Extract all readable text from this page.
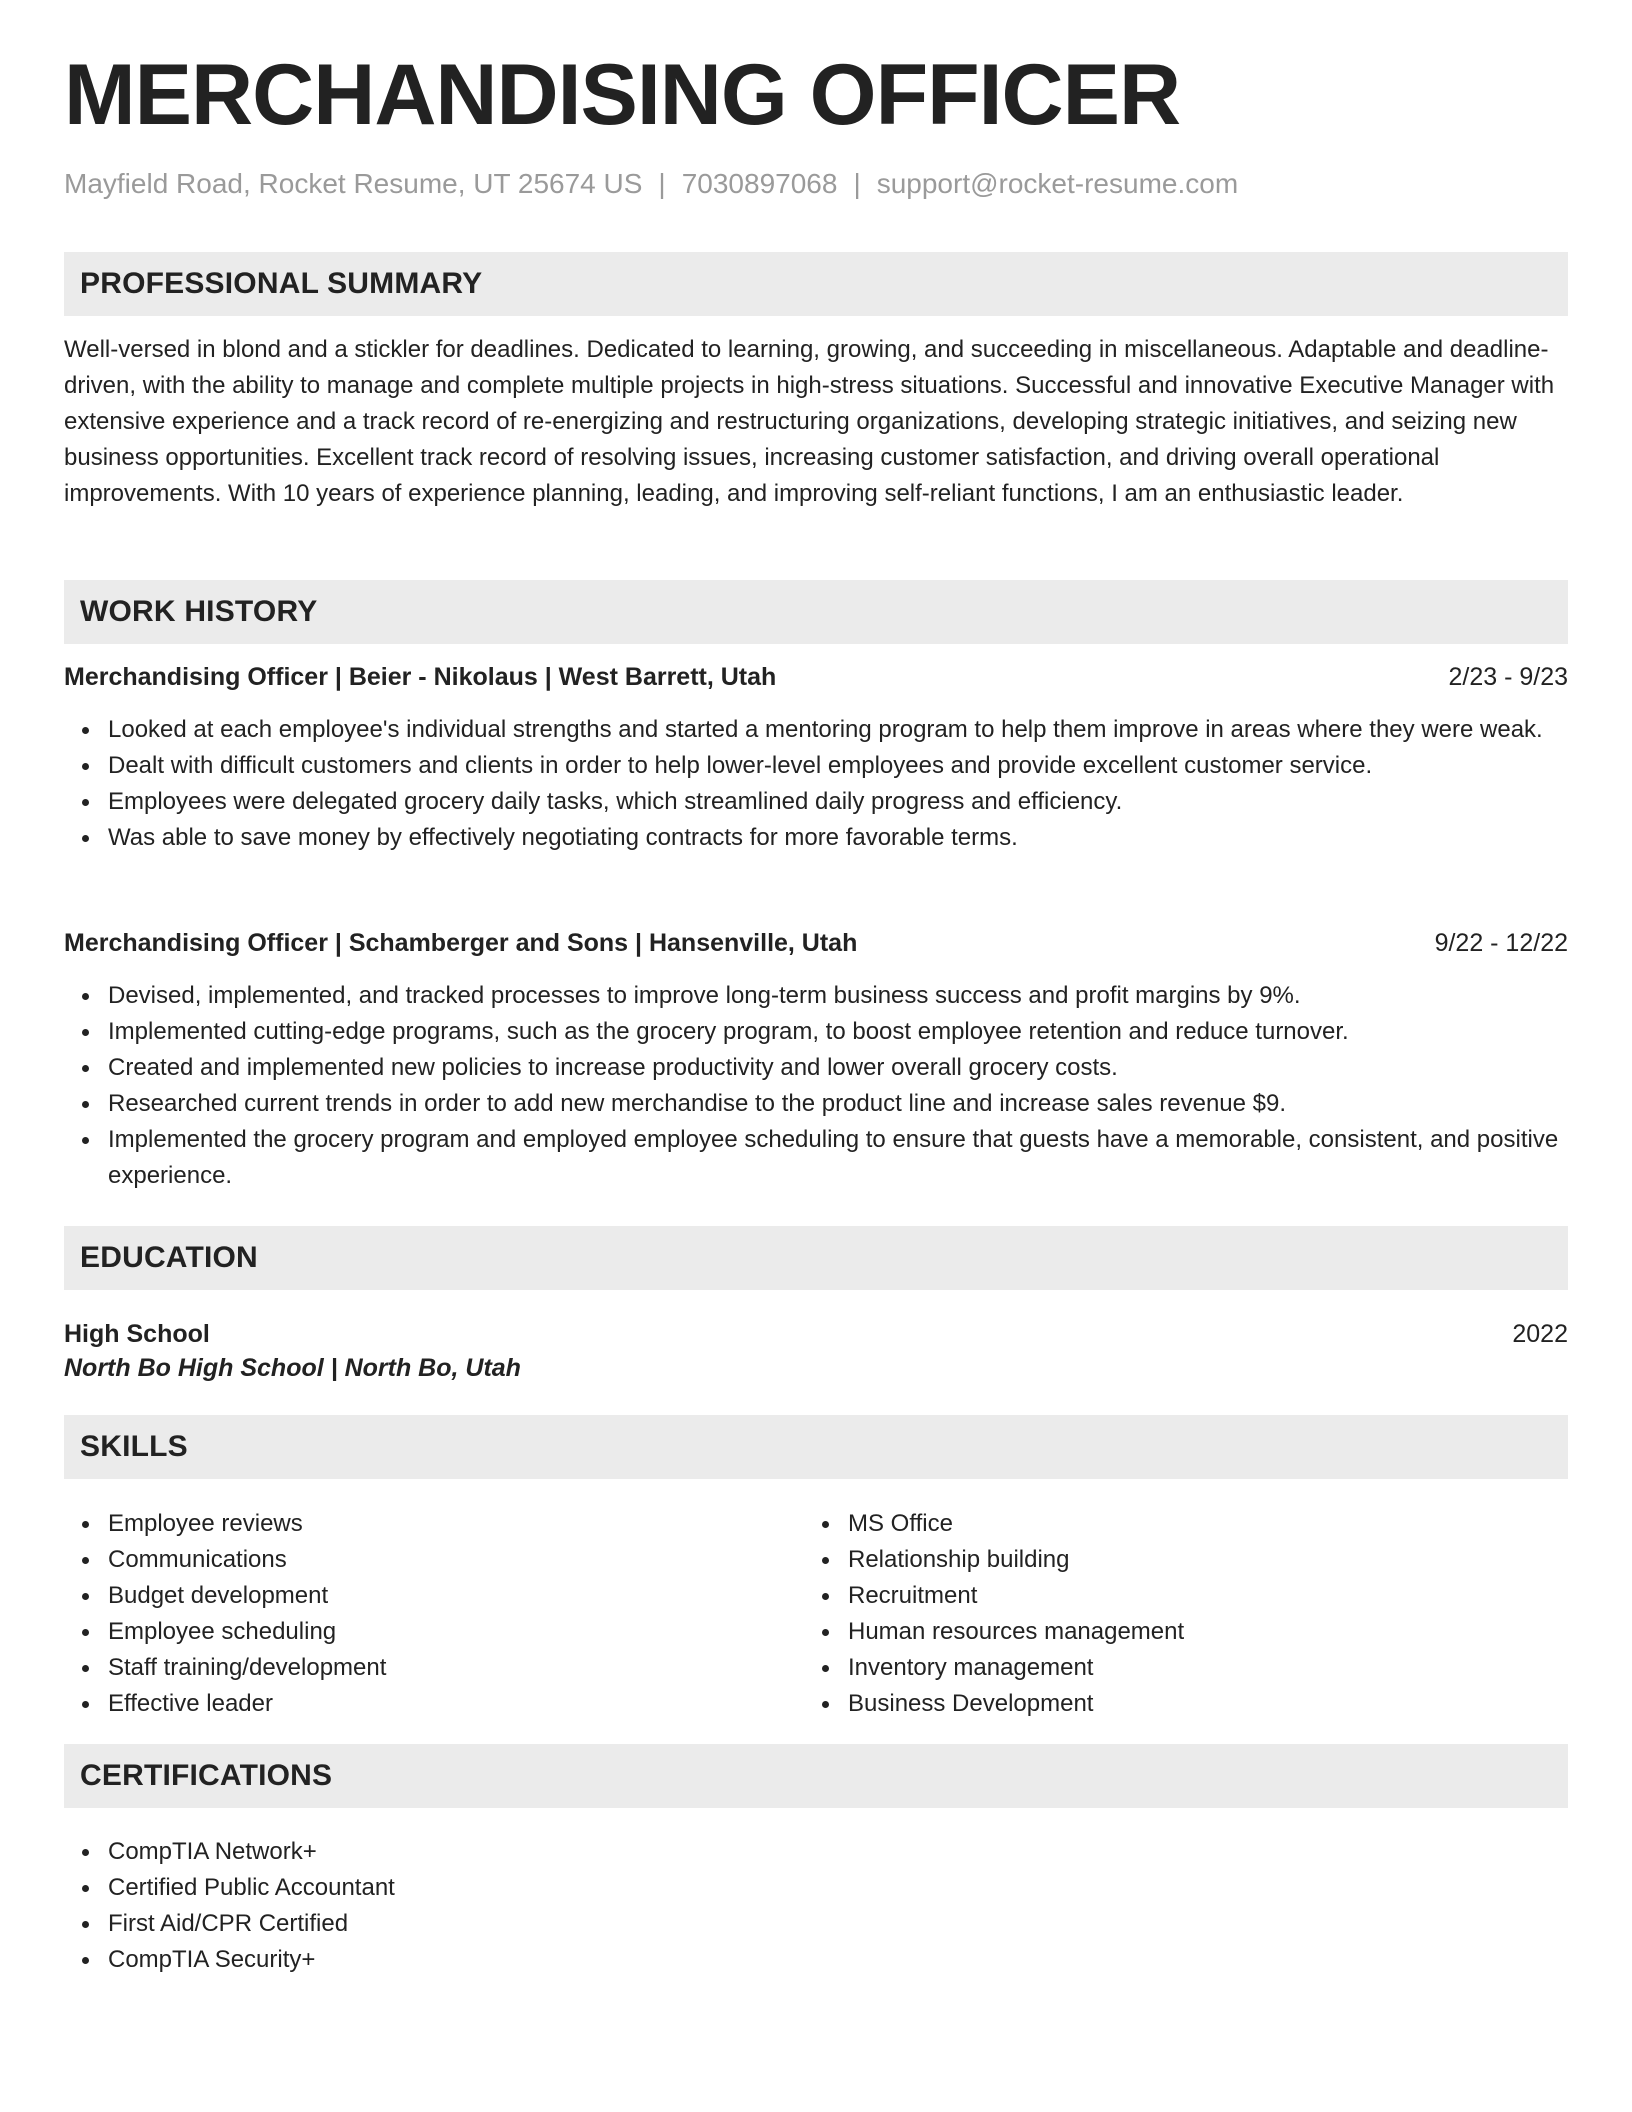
MERCHANDISING OFFICER
Mayfield Road, Rocket Resume, UT 25674 US | 7030897068 | support@rocket-resume.com
PROFESSIONAL SUMMARY

Well-versed in blond and a stickler for deadlines. Dedicated to learning, growing, and succeeding in miscellaneous. Adaptable and deadline-driven, with the ability to manage and complete multiple projects in high-stress situations. Successful and innovative Executive Manager with extensive experience and a track record of re-energizing and restructuring organizations, developing strategic initiatives, and seizing new business opportunities. Excellent track record of resolving issues, increasing customer satisfaction, and driving overall operational improvements. With 10 years of experience planning, leading, and improving self-reliant functions, I am an enthusiastic leader.

WORK HISTORY
Merchandising Officer | Beier - Nikolaus | West Barrett, Utah	2/23 - 9/23
Looked at each employee's individual strengths and started a mentoring program to help them improve in areas where they were weak.
Dealt with difficult customers and clients in order to help lower-level employees and provide excellent customer service.
Employees were delegated grocery daily tasks, which streamlined daily progress and efficiency.
Was able to save money by effectively negotiating contracts for more favorable terms.
Merchandising Officer | Schamberger and Sons | Hansenville, Utah	9/22 - 12/22
Devised, implemented, and tracked processes to improve long-term business success and profit margins by 9%.
Implemented cutting-edge programs, such as the grocery program, to boost employee retention and reduce turnover.
Created and implemented new policies to increase productivity and lower overall grocery costs.
Researched current trends in order to add new merchandise to the product line and increase sales revenue $9.
Implemented the grocery program and employed employee scheduling to ensure that guests have a memorable, consistent, and positive experience.
EDUCATION
High School	2022
North Bo High School | North Bo, Utah
SKILLS
Employee reviews
Communications
Budget development
Employee scheduling
Staff training/development
Effective leader
MS Office
Relationship building
Recruitment
Human resources management
Inventory management
Business Development
CERTIFICATIONS
CompTIA Network+
Certified Public Accountant
First Aid/CPR Certified
CompTIA Security+
